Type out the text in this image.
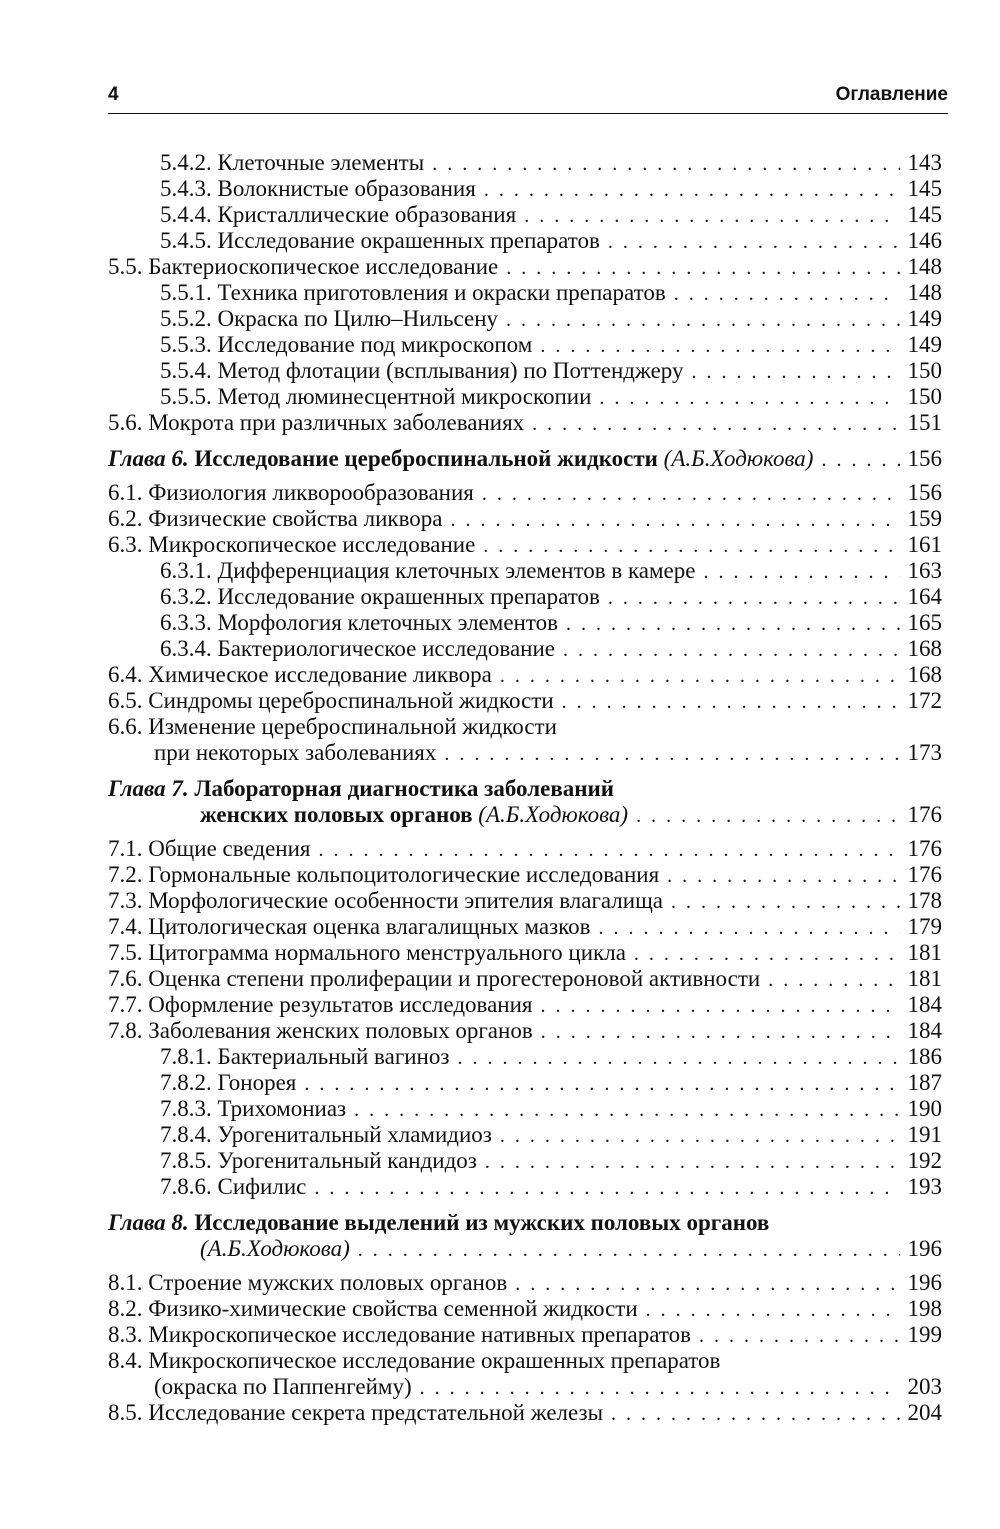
4	Оглавление
5.4.2. Клеточные элементы . . .	143
5.4.3. Волокнистые образования . . .	145
5.4.4. Кристаллические образования . . .	145
5.4.5. Исследование окрашенных препаратов . . .	146
5.5. Бактериоскопическое исследование . . .	148
5.5.1. Техника приготовления и окраски препаратов . . .	148
5.5.2. Окраска по Цилю–Нильсену . . .	149
5.5.3. Исследование под микроскопом . . .	149
5.5.4. Метод флотации (всплывания) по Поттенджеру . . .	150
5.5.5. Метод люминесцентной микроскопии . . .	150
5.6. Мокрота при различных заболеваниях . . .	151
Глава 6. Исследование цереброспинальной жидкости (А.Б.Ходюкова) . . .	156
6.1. Физиология ликворообразования . . .	156
6.2. Физические свойства ликвора . . .	159
6.3. Микроскопическое исследование . . .	161
6.3.1. Дифференциация клеточных элементов в камере . . .	163
6.3.2. Исследование окрашенных препаратов . . .	164
6.3.3. Морфология клеточных элементов . . .	165
6.3.4. Бактериологическое исследование . . .	168
6.4. Химическое исследование ликвора . . .	168
6.5. Синдромы цереброспинальной жидкости . . .	172
6.6. Изменение цереброспинальной жидкости
при некоторых заболеваниях . . .	173
Глава 7. Лабораторная диагностика заболеваний
женских половых органов (А.Б.Ходюкова) . . .	176
7.1. Общие сведения . . .	176
7.2. Гормональные кольпоцитологические исследования . . .	176
7.3. Морфологические особенности эпителия влагалища . . .	178
7.4. Цитологическая оценка влагалищных мазков . . .	179
7.5. Цитограмма нормального менструального цикла . . .	181
7.6. Оценка степени пролиферации и прогестероновой активности . . .	181
7.7. Оформление результатов исследования . . .	184
7.8. Заболевания женских половых органов . . .	184
7.8.1. Бактериальный вагиноз . . .	186
7.8.2. Гонорея . . .	187
7.8.3. Трихомониаз . . .	190
7.8.4. Урогенитальный хламидиоз . . .	191
7.8.5. Урогенитальный кандидоз . . .	192
7.8.6. Сифилис . . .	193
Глава 8. Исследование выделений из мужских половых органов
(А.Б.Ходюкова) . . .	196
8.1. Строение мужских половых органов . . .	196
8.2. Физико-химические свойства семенной жидкости . . .	198
8.3. Микроскопическое исследование нативных препаратов . . .	199
8.4. Микроскопическое исследование окрашенных препаратов
(окраска по Паппенгейму) . . .	203
8.5. Исследование секрета предстательной железы . . .	204
